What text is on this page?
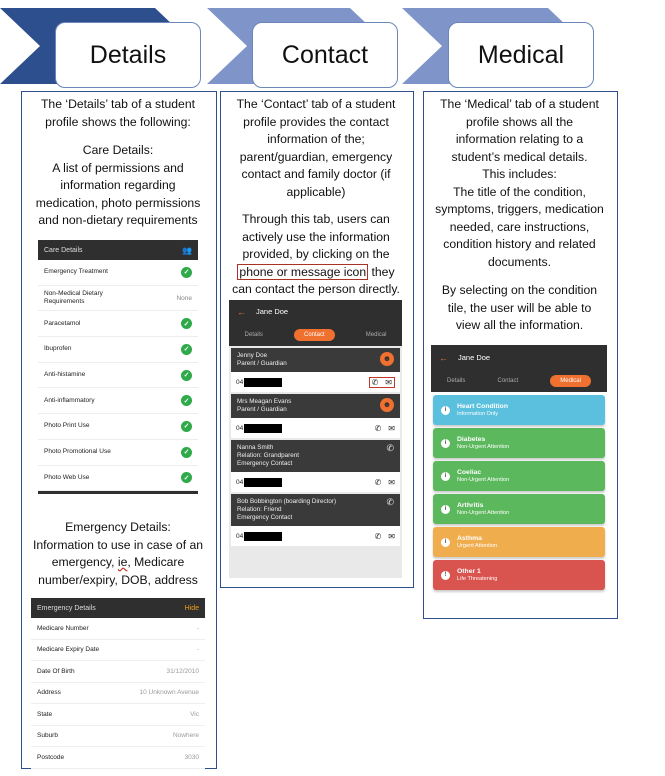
Details	Contact	Medical
The ‘Details’ tab of a student
profile shows the following:
Care Details:
A list of permissions and
information regarding
medication, photo permissions
and non-dietary requirements
Care Details	👥
Emergency Treatment	✓
Non-Medical Dietary Requirements	None
Paracetamol	✓
Ibuprofen	✓
Anti-histamine	✓
Anti-inflammatory	✓
Photo Print Use	✓
Photo Promotional Use	✓
Photo Web Use	✓
Emergency Details:
Information to use in case of an
emergency, ie, Medicare
number/expiry, DOB, address
Emergency Details	Hide
Medicare Number	-
Medicare Expiry Date	-
Date Of Birth	31/12/2010
Address	10 Unknown Avenue
State	Vic
Suburb	Nowhere
Postcode	3030
The ‘Contact’ tab of a student
profile provides the contact
information of the;
parent/guardian, emergency
contact and family doctor (if
applicable)
Through this tab, users can
actively use the information
provided, by clicking on the
phone or message icon they
can contact the person directly.
← Jane Doe
Details	Contact	Medical
Jenny Doe
Parent / Guardian
☻
04	✆ ✉
Mrs Meagan Evans
Parent / Guardian
☻
04	✆ ✉
Nanna Smith
Relation: Grandparent
Emergency Contact
✆
04	✆ ✉
Bob Bobbington (boarding Director)
Relation: Friend
Emergency Contact
✆
04	✆ ✉
The ‘Medical’ tab of a student
profile shows all the
information relating to a
student’s medical details.
This includes:
The title of the condition,
symptoms, triggers, medication
needed, care instructions,
condition history and related
documents.
By selecting on the condition
tile, the user will be able to
view all the information.
← Jane Doe
Details	Contact	Medical
i
Heart Condition
Information Only
i
Diabetes
Non-Urgent Attention
i
Coeliac
Non-Urgent Attention
i
Arthritis
Non-Urgent Attention
i
Asthma
Urgent Attention
!
Other 1
Life Threatening
